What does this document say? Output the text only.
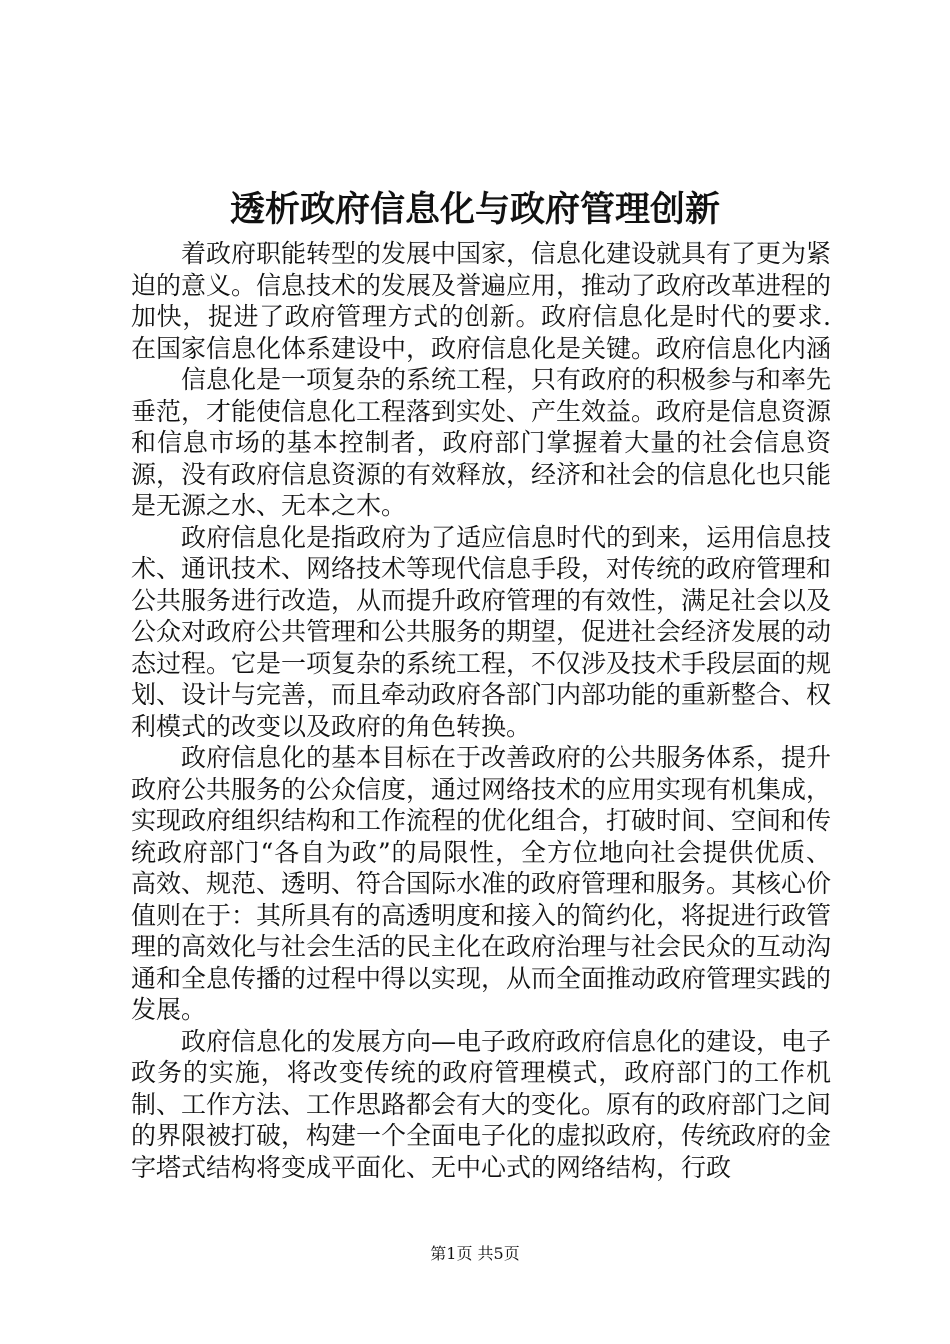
透析政府信息化与政府管理创新

着政府职能转型的发展中国家，信息化建设就具有了更为紧迫的意义。信息技术的发展及誉遍应用，推动了政府改革进程的加快，捉进了政府管理方式的创新。政府信息化是时代的要求.在国家信息化体系建设中，政府信息化是关键。政府信息化内涵

信息化是一项复杂的系统工程，只有政府的积极参与和率先垂范，才能使信息化工程落到实处、产生效益。政府是信息资源和信息市场的基本控制者，政府部门掌握着大量的社会信息资源，没有政府信息资源的有效释放，经济和社会的信息化也只能是无源之水、无本之木。

政府信息化是指政府为了适应信息时代的到来，运用信息技术、通讯技术、网络技术等现代信息手段，对传统的政府管理和公共服务进行改造，从而提升政府管理的有效性，满足社会以及公众对政府公共管理和公共服务的期望，促进社会经济发展的动态过程。它是一项复杂的系统工程，不仅涉及技术手段层面的规划、设计与完善，而且牵动政府各部门内部功能的重新整合、权利模式的改变以及政府的角色转换。

政府信息化的基本目标在于改善政府的公共服务体系，提升政府公共服务的公众信度，通过网络技术的应用实现有机集成，实现政府组织结构和工作流程的优化组合，打破时间、空间和传统政府部门“各自为政”的局限性，全方位地向社会提供优质、高效、规范、透明、符合国际水准的政府管理和服务。其核心价值则在于：其所具有的高透明度和接入的简约化，将捉进行政管理的高效化与社会生活的民主化在政府治理与社会民众的互动沟通和全息传播的过程中得以实现，从而全面推动政府管理实践的发展。

政府信息化的发展方向—电子政府政府信息化的建设，电子政务的实施，将改变传统的政府管理模式，政府部门的工作机制、工作方法、工作思路都会有大的变化。原有的政府部门之间的界限被打破，构建一个全面电子化的虚拟政府，传统政府的金字塔式结构将变成平面化、无中心式的网络结构，行政

第1页 共5页
